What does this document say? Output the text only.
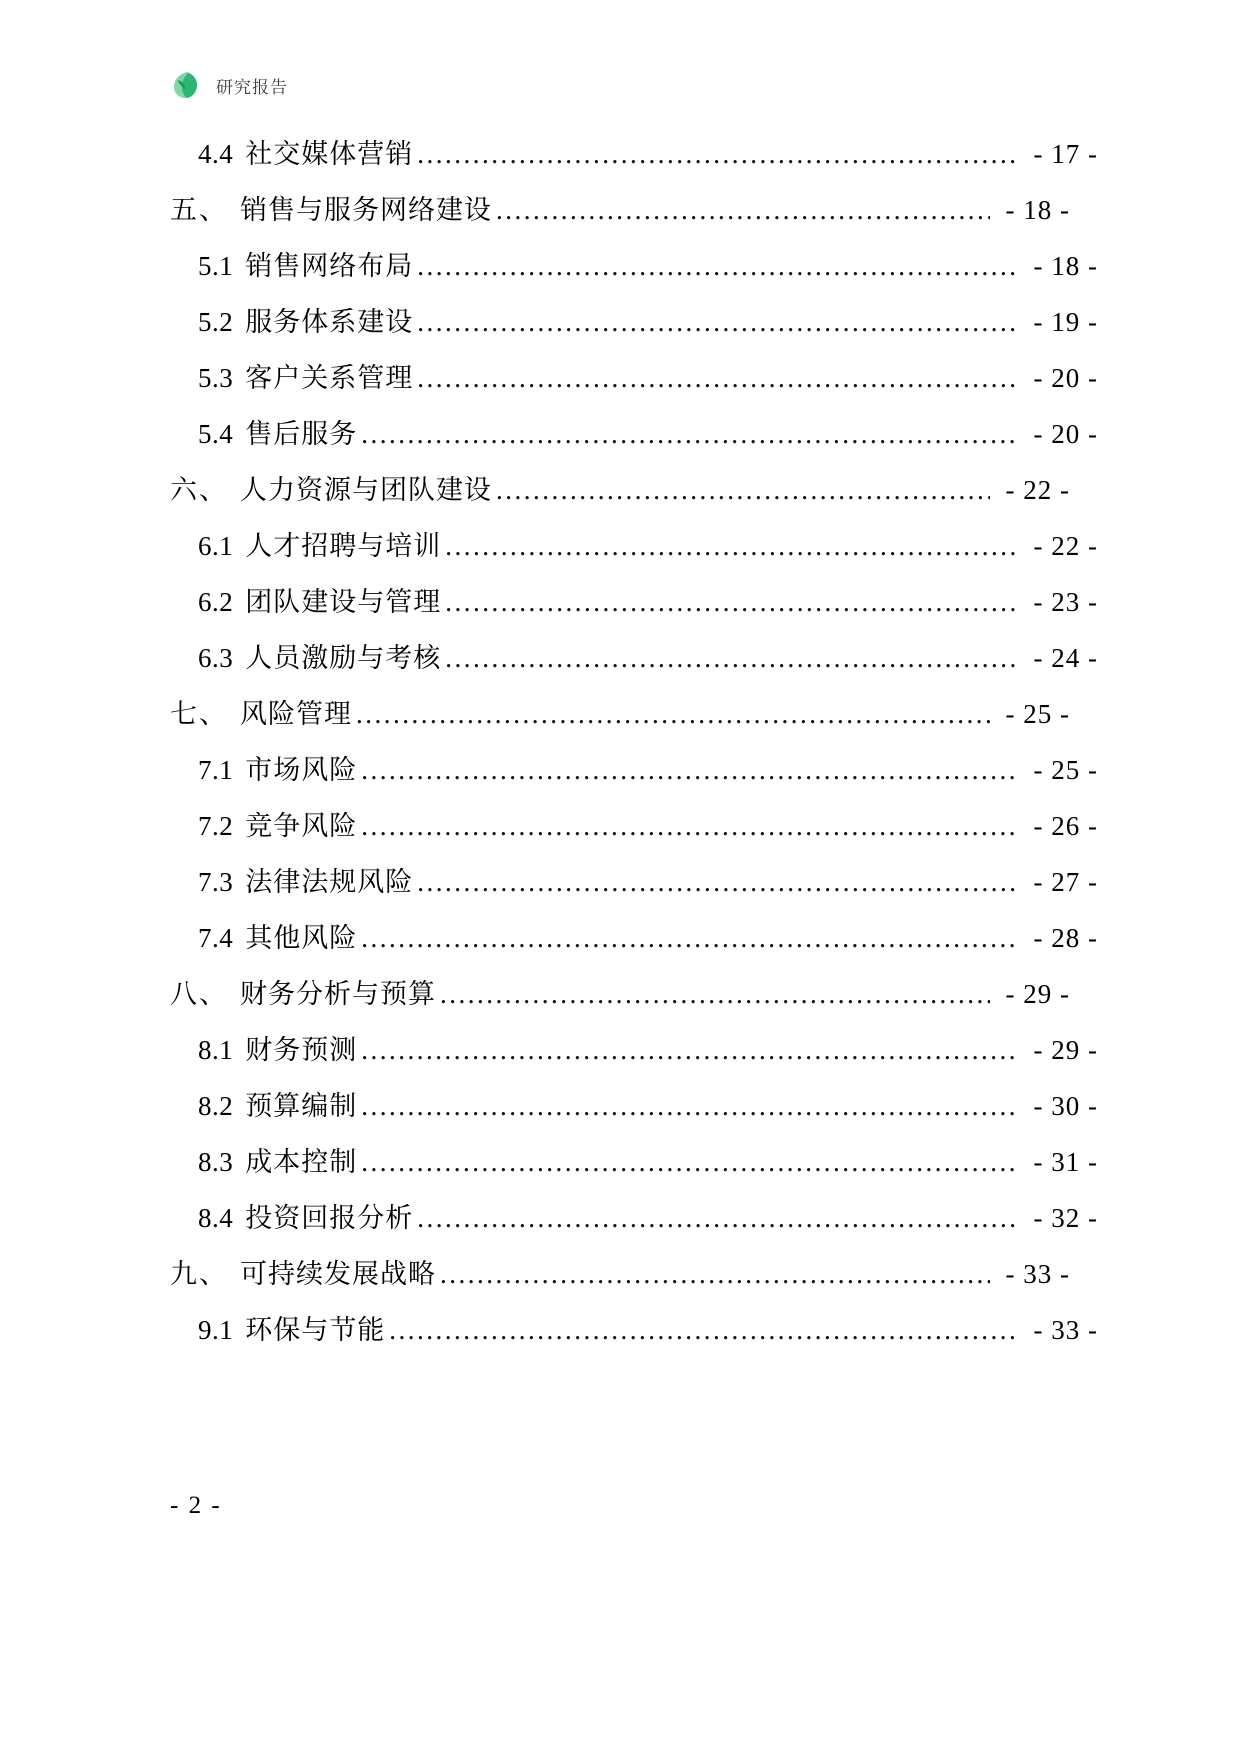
研究报告
4.4 社交媒体营销 .....	- 17 -
五、 销售与服务网络建设 .....	- 18 -
5.1 销售网络布局 .....	- 18 -
5.2 服务体系建设 .....	- 19 -
5.3 客户关系管理 .....	- 20 -
5.4 售后服务 .....	- 20 -
六、 人力资源与团队建设 .....	- 22 -
6.1 人才招聘与培训 .....	- 22 -
6.2 团队建设与管理 .....	- 23 -
6.3 人员激励与考核 .....	- 24 -
七、 风险管理 .....	- 25 -
7.1 市场风险 .....	- 25 -
7.2 竞争风险 .....	- 26 -
7.3 法律法规风险 .....	- 27 -
7.4 其他风险 .....	- 28 -
八、 财务分析与预算 .....	- 29 -
8.1 财务预测 .....	- 29 -
8.2 预算编制 .....	- 30 -
8.3 成本控制 .....	- 31 -
8.4 投资回报分析 .....	- 32 -
九、 可持续发展战略 .....	- 33 -
9.1 环保与节能 .....	- 33 -
- 2 -
